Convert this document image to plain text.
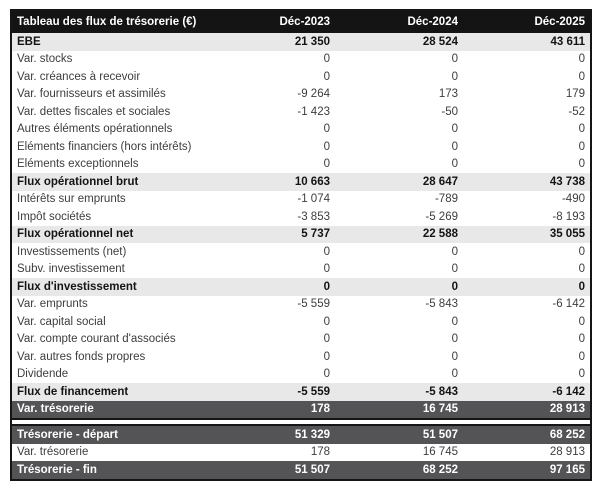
Tableau des flux de trésorerie (€)	Déc-2023	Déc-2024	Déc-2025
EBE	21 350	28 524	43 611
Var. stocks	0	0	0
Var. créances à recevoir	0	0	0
Var. fournisseurs et assimilés	-9 264	173	179
Var. dettes fiscales et sociales	-1 423	-50	-52
Autres éléments opérationnels	0	0	0
Eléments financiers (hors intérêts)	0	0	0
Eléments exceptionnels	0	0	0
Flux opérationnel brut	10 663	28 647	43 738
Intérêts sur emprunts	-1 074	-789	-490
Impôt sociétés	-3 853	-5 269	-8 193
Flux opérationnel net	5 737	22 588	35 055
Investissements (net)	0	0	0
Subv. investissement	0	0	0
Flux d'investissement	0	0	0
Var. emprunts	-5 559	-5 843	-6 142
Var. capital social	0	0	0
Var. compte courant d'associés	0	0	0
Var. autres fonds propres	0	0	0
Dividende	0	0	0
Flux de financement	-5 559	-5 843	-6 142
Var. trésorerie	178	16 745	28 913

Trésorerie - départ	51 329	51 507	68 252
Var. trésorerie	178	16 745	28 913
Trésorerie - fin	51 507	68 252	97 165
